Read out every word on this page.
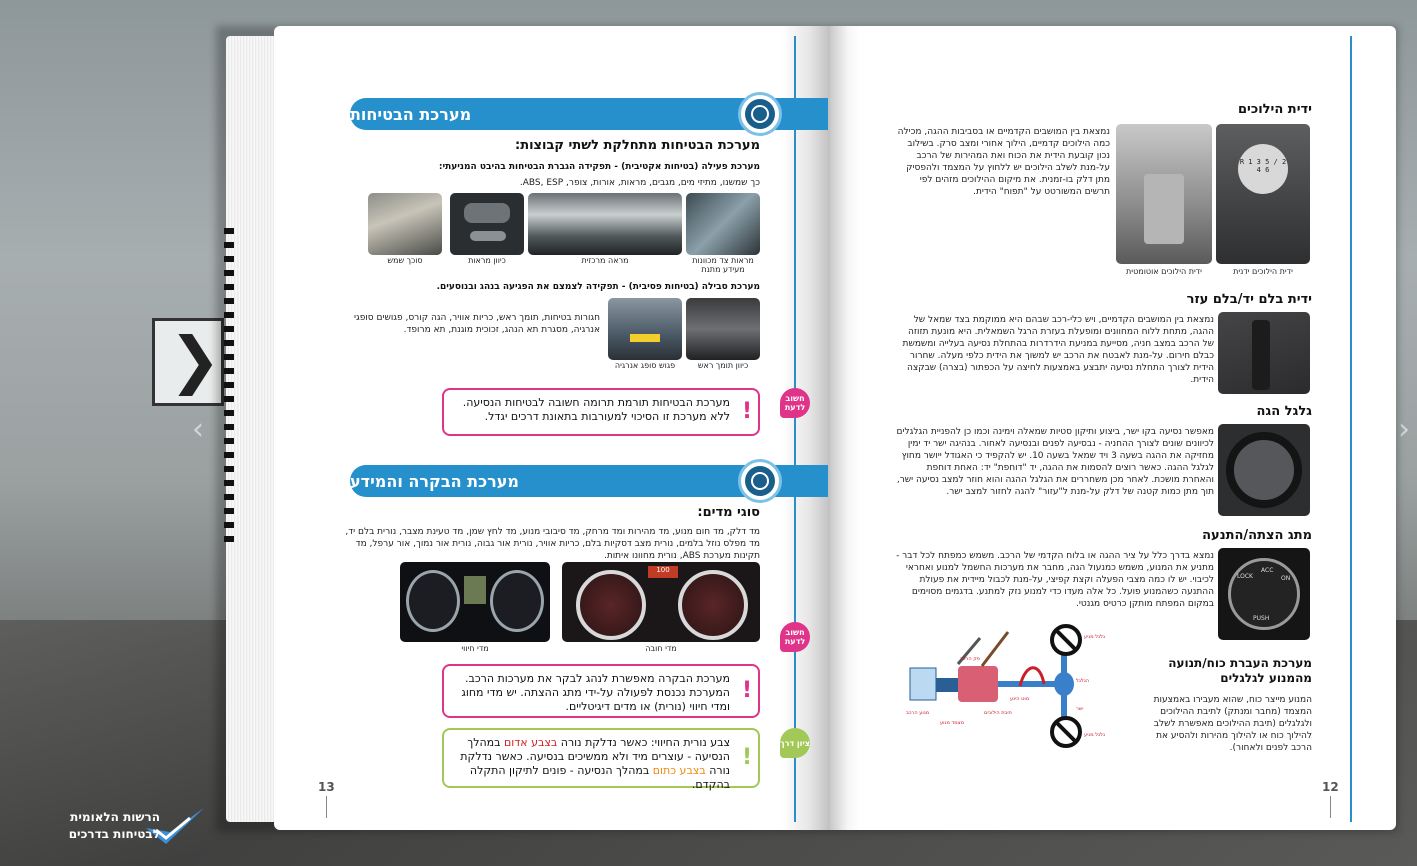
❯
‹	›
מערכת הבטיחות
מערכת הבטיחות מתחלקת לשתי קבוצות:
מערכת פעילה (בטיחות אקטיבית) - תפקידה הגברת הבטיחות בהיבט המניעתי:
כך שמשנו, מתיזי מים, מגבים, מראות, אורות, צופר, ABS, ESP.
מראות צד מכוונות מעידע מתנת
מראה מרכזית
כיוון מראות
סוכך שמש
מערכת סבילה (בטיחות פסיבית) - תפקידה לצמצם את הפגיעה בנהג ובנוסעים.
חגורות בטיחות, תומך ראש, כריות אוויר, הגה קורס, פגושים סופגי אנרגיה, מסגרת תא הנהג, זכוכית מוגנת, תא מרופד.
כיוון תומך ראש
פגוש סופג אנרגיה
חשוב לדעת
!
מערכת הבטיחות תורמת תרומה חשובה לבטיחות הנסיעה. ללא מערכת זו הסיכוי למעורבות בתאונת דרכים יגדל.
מערכת הבקרה והמידע
סוגי מדים:
מד דלק, מד חום מנוע, מד מהירות ומד מרחק, מד סיבובי מנוע, מד לחץ שמן, מד טעינת מצבר, נורית בלם יד, מד מפלס נוזל בלמים, נורית מצב דסקיות בלם, כריות אוויר, נורית אור גבוה, נורית אור נמוך, אור ערפל, מד תקינות מערכת ABS, נורית מחוונו איתות.
100
מדי חובה
מדי חיווי
חשוב לדעת
!
מערכת הבקרה מאפשרת לנהג לבקר את מערכות הרכב. המערכת נכנסת לפעולה על-ידי מתג ההצתה. יש מדי מחוג ומדי חיווי (נורית) או מדים דיגיטליים.
ציון דרך
!
צבע נורית החיווי: כאשר נדלקת נורה בצבע אדום במהלך הנסיעה - עוצרים מיד ולא ממשיכים בנסיעה. כאשר נדלקת נורה בצבע כתום במהלך הנסיעה - פונים לתיקון התקלה בהקדם.
13
ידית הילוכים
נמצאת בין המושבים הקדמיים או בסביבות ההגה, מכילה כמה הילוכים קדמיים, הילוך אחורי ומצב סרק. בשילוב נכון קובעת הידית את הכוח ואת המהירות של הרכב על-מנת לשלב הילוכים יש ללחוץ על המצמד ולהפסיק מתן דלק בו-זמנית. את מיקום ההילוכים מזהים לפי תרשים המשורטט על "תפוח" הידית.
R 1 3 5 / 2 4 6
ידית הילוכים ידנית
ידית הילוכים אוטומטית
ידית בלם יד/בלם עזר
נמצאת בין המושבים הקדמיים, ויש כלי-רכב שבהם היא ממוקמת בצד שמאל של ההגה, מתחת ללוח המחוונים ומופעלת בעזרת הרגל השמאלית. היא מונעת תזוזה של הרכב במצב חניה, מסייעת במניעת הידרדרות בהתחלת נסיעה בעלייה ומשמשת כבלם חירום. על-מנת לאבטח את הרכב יש למשוך את הידית כלפי מעלה. שחרור הידית לצורך התחלת נסיעה יתבצע באמצעות לחיצה על הכפתור (בצרה) שבקצה הידית.
גלגל הגה
מאפשר נסיעה בקו ישר, ביצוע ותיקון סטיות שמאלה וימינה וכמו כן להפניית הגלגלים לכיוונים שונים לצורך ההחניה - נבסיעה לפנים ובנסיעה לאחור. בנהיגה ישר יד ימין מחזיקה את ההגה בשעה 3 ויד שמאל בשעה 10. יש להקפיד כי האגודל ייושר מחוץ לגלגל ההגה. כאשר רוצים להסמות את ההגה, יד "דוחפת" יד: האחת דוחפת והאחרת מושכת. לאחר מכן משחררים את הגלגל ההגה והוא חוזר למצב נסיעה ישר, תוך מתן כמות קטנה של דלק על-מנת ל"עזור" להגה לחזור למצב ישר.
מתג הצתה/התנעה
נמצא בדרך כלל על ציר ההגה או בלוח הקדמי של הרכב. משמש כמפתח לכל דבר - מתניע את המנוע, משמש כמנעול הגה, מחבר את מערכות החשמל למנוע ואחראי לכיבוי. יש לו כמה מצבי הפעלה וקצת קפיצי, על-מנת לכבול מיידית את פעולת ההתנעה כשהמנוע פועל. כל אלה מעדו כדי למנוע נזק למתנע. בדגמים מסוימים במקום המפתח מותקן כרטיס מגנטי.
LOCK
ACC
ON
PUSH
מערכת העברת כוח/תנועה מהמנוע לגלגלים
המנוע מייצר כוח, שהוא מעבירו באמצעות המצמד (מחבר ומנתק) לתיבת ההילוכים ולגלגלים (תיבת ההילוכים מאפשרת לשלב להילוך כוח או להילוך מהירות ולהסיע את הרכב לפנים ולאחור).
מנוע הרכב
מצמד מנוע
תיבת הילוכים
גלגל מניע
גלגל מניע
הגלגל
מוט הינע
פק הרכב
ישר
12
הרשות הלאומית
לבטיחות בדרכים
